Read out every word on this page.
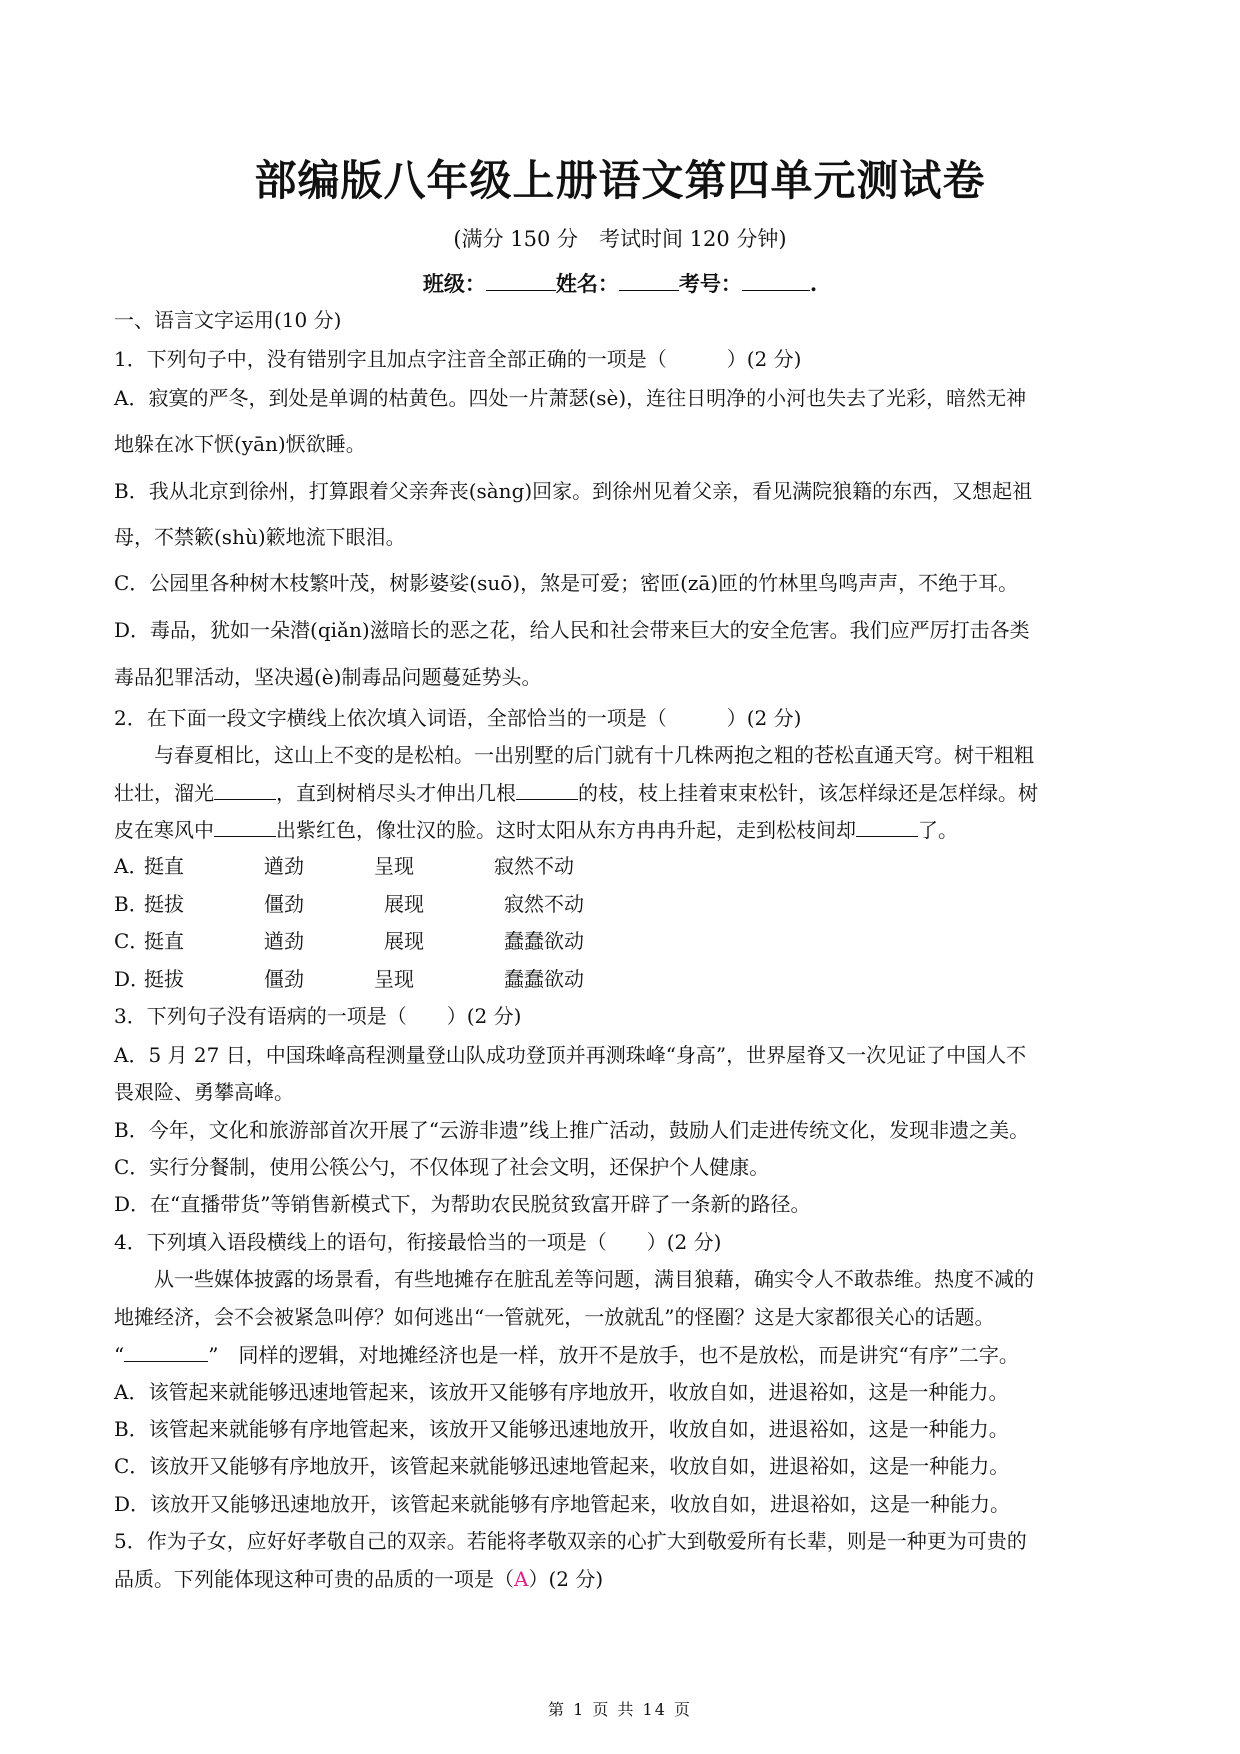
部编版八年级上册语文第四单元测试卷
(满分 150 分　考试时间 120 分钟)
班级：	姓名：	考号：	.
一、语言文字运用(10 分)
1．下列句子中，没有错别字且加点字注音全部正确的一项是（　　　）(2 分)
A．寂寞的严冬，到处是单调的枯黄色。四处一片萧瑟(sè)，连往日明净的小河也失去了光彩，暗然无神
地躲在冰下恹(yān)恹欲睡。
B．我从北京到徐州，打算跟着父亲奔丧(sàng)回家。到徐州见着父亲，看见满院狼籍的东西，又想起祖
母，不禁簌(shù)簌地流下眼泪。
C．公园里各种树木枝繁叶茂，树影婆娑(suō)，煞是可爱；密匝(zā)匝的竹林里鸟鸣声声，不绝于耳。
D．毒品，犹如一朵潜(qiǎn)滋暗长的恶之花，给人民和社会带来巨大的安全危害。我们应严厉打击各类
毒品犯罪活动，坚决遏(è)制毒品问题蔓延势头。
2．在下面一段文字横线上依次填入词语，全部恰当的一项是（　　　）(2 分)
与春夏相比，这山上不变的是松柏。一出别墅的后门就有十几株两抱之粗的苍松直通天穹。树干粗粗
壮壮，溜光	，直到树梢尽头才伸出几根	的枝，枝上挂着束束松针，该怎样绿还是怎样绿。树
皮在寒风中	出紫红色，像壮汉的脸。这时太阳从东方冉冉升起，走到松枝间却	了。
A．
挺直	遒劲	呈现	寂然不动
B．
挺拔	僵劲	展现	寂然不动
C．
挺直	遒劲	展现	蠢蠢欲动
D．
挺拔	僵劲	呈现	蠢蠢欲动
3．下列句子没有语病的一项是（　　）(2 分)
A．5 月 27 日，中国珠峰高程测量登山队成功登顶并再测珠峰“身高”，世界屋脊又一次见证了中国人不
畏艰险、勇攀高峰。
B．今年，文化和旅游部首次开展了“云游非遗”线上推广活动，鼓励人们走进传统文化，发现非遗之美。
C．实行分餐制，使用公筷公勺，不仅体现了社会文明，还保护个人健康。
D．在“直播带货”等销售新模式下，为帮助农民脱贫致富开辟了一条新的路径。
4．下列填入语段横线上的语句，衔接最恰当的一项是（　　）(2 分)
从一些媒体披露的场景看，有些地摊存在脏乱差等问题，满目狼藉，确实令人不敢恭维。热度不减的
地摊经济，会不会被紧急叫停？如何逃出“一管就死，一放就乱”的怪圈？这是大家都很关心的话题。
“	”　同样的逻辑，对地摊经济也是一样，放开不是放手，也不是放松，而是讲究“有序”二字。
A．该管起来就能够迅速地管起来，该放开又能够有序地放开，收放自如，进退裕如，这是一种能力。
B．该管起来就能够有序地管起来，该放开又能够迅速地放开，收放自如，进退裕如，这是一种能力。
C．该放开又能够有序地放开，该管起来就能够迅速地管起来，收放自如，进退裕如，这是一种能力。
D．该放开又能够迅速地放开，该管起来就能够有序地管起来，收放自如，进退裕如，这是一种能力。
5．作为子女，应好好孝敬自己的双亲。若能将孝敬双亲的心扩大到敬爱所有长辈，则是一种更为可贵的
品质。下列能体现这种可贵的品质的一项是（A）(2 分)
第 1 页 共 14 页
